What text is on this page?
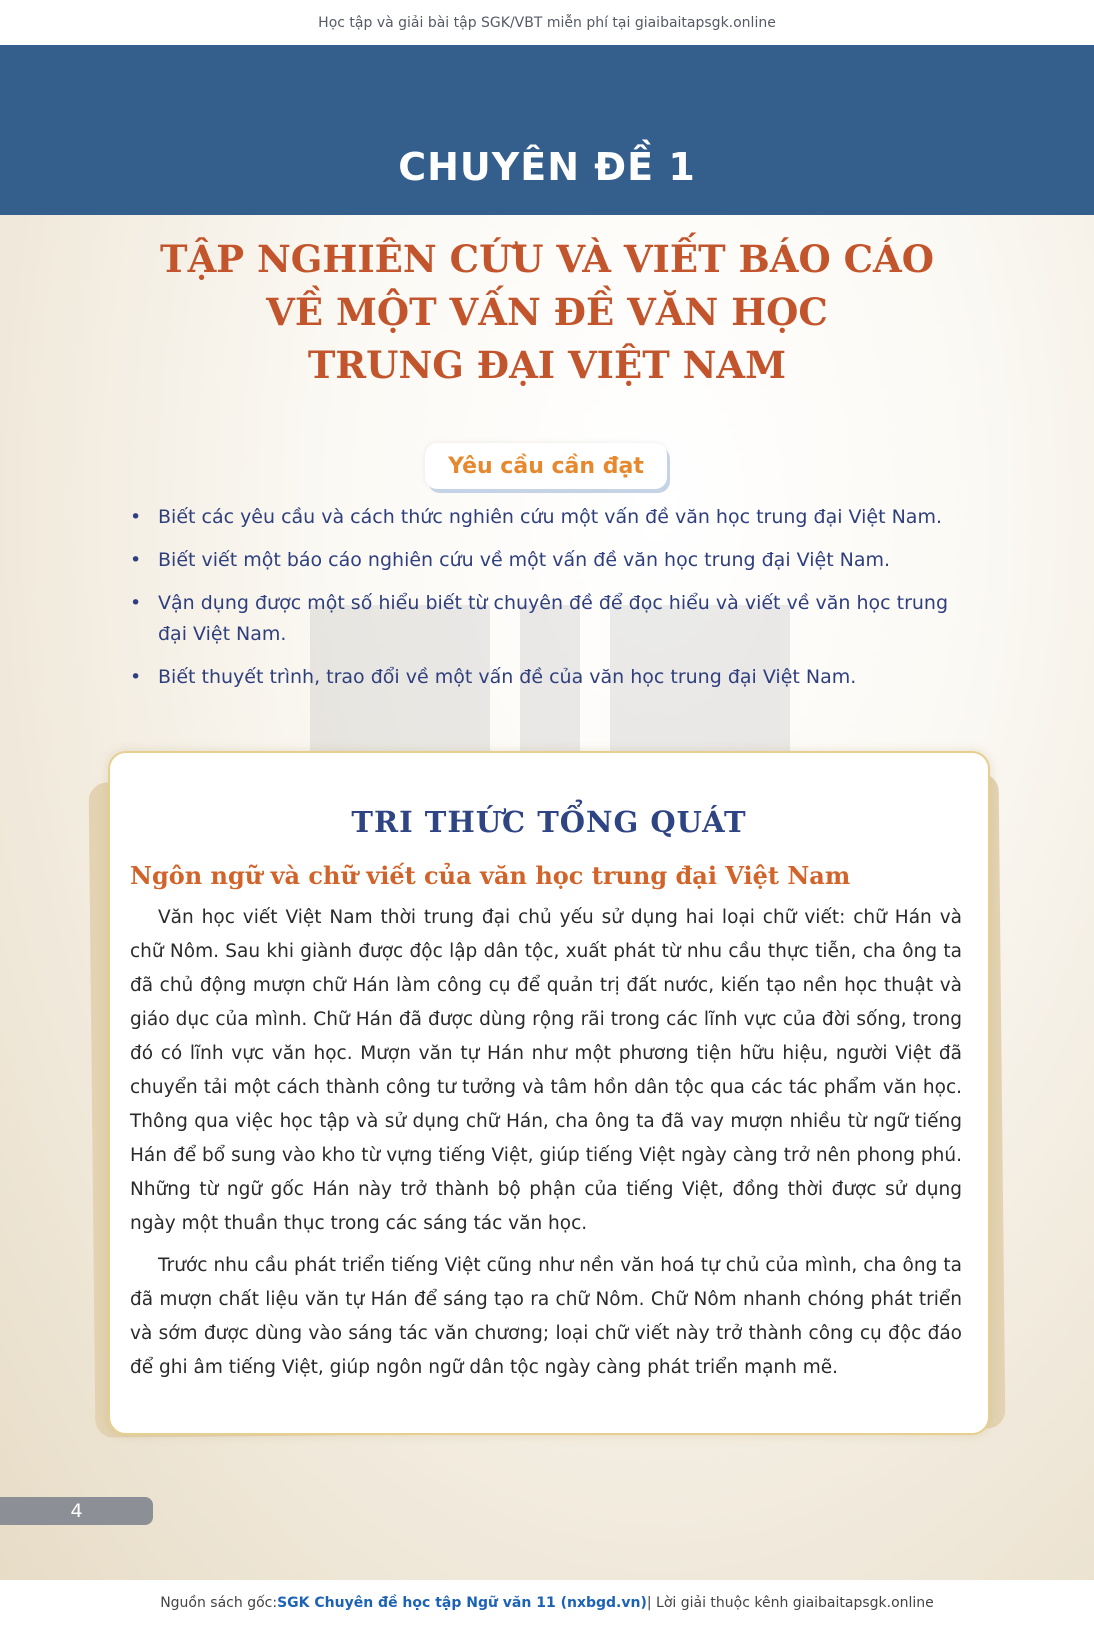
Học tập và giải bài tập SGK/VBT miễn phí tại giaibaitapsgk.online
CHUYÊN ĐỀ 1
TẬP NGHIÊN CỨU VÀ VIẾT BÁO CÁO
VỀ MỘT VẤN ĐỀ VĂN HỌC
TRUNG ĐẠI VIỆT NAM
Yêu cầu cần đạt
• Biết các yêu cầu và cách thức nghiên cứu một vấn đề văn học trung đại Việt Nam.
• Biết viết một báo cáo nghiên cứu về một vấn đề văn học trung đại Việt Nam.
• Vận dụng được một số hiểu biết từ chuyên đề để đọc hiểu và viết về văn học trung đại Việt Nam.
• Biết thuyết trình, trao đổi về một vấn đề của văn học trung đại Việt Nam.
TRI THỨC TỔNG QUÁT
Ngôn ngữ và chữ viết của văn học trung đại Việt Nam

Văn học viết Việt Nam thời trung đại chủ yếu sử dụng hai loại chữ viết: chữ Hán và chữ Nôm. Sau khi giành được độc lập dân tộc, xuất phát từ nhu cầu thực tiễn, cha ông ta đã chủ động mượn chữ Hán làm công cụ để quản trị đất nước, kiến tạo nền học thuật và giáo dục của mình. Chữ Hán đã được dùng rộng rãi trong các lĩnh vực của đời sống, trong đó có lĩnh vực văn học. Mượn văn tự Hán như một phương tiện hữu hiệu, người Việt đã chuyển tải một cách thành công tư tưởng và tâm hồn dân tộc qua các tác phẩm văn học. Thông qua việc học tập và sử dụng chữ Hán, cha ông ta đã vay mượn nhiều từ ngữ tiếng Hán để bổ sung vào kho từ vựng tiếng Việt, giúp tiếng Việt ngày càng trở nên phong phú. Những từ ngữ gốc Hán này trở thành bộ phận của tiếng Việt, đồng thời được sử dụng ngày một thuần thục trong các sáng tác văn học.

Trước nhu cầu phát triển tiếng Việt cũng như nền văn hoá tự chủ của mình, cha ông ta đã mượn chất liệu văn tự Hán để sáng tạo ra chữ Nôm. Chữ Nôm nhanh chóng phát triển và sớm được dùng vào sáng tác văn chương; loại chữ viết này trở thành công cụ độc đáo để ghi âm tiếng Việt, giúp ngôn ngữ dân tộc ngày càng phát triển mạnh mẽ.

4
Nguồn sách gốc: SGK Chuyên đề học tập Ngữ văn 11 (nxbgd.vn) | Lời giải thuộc kênh giaibaitapsgk.online
